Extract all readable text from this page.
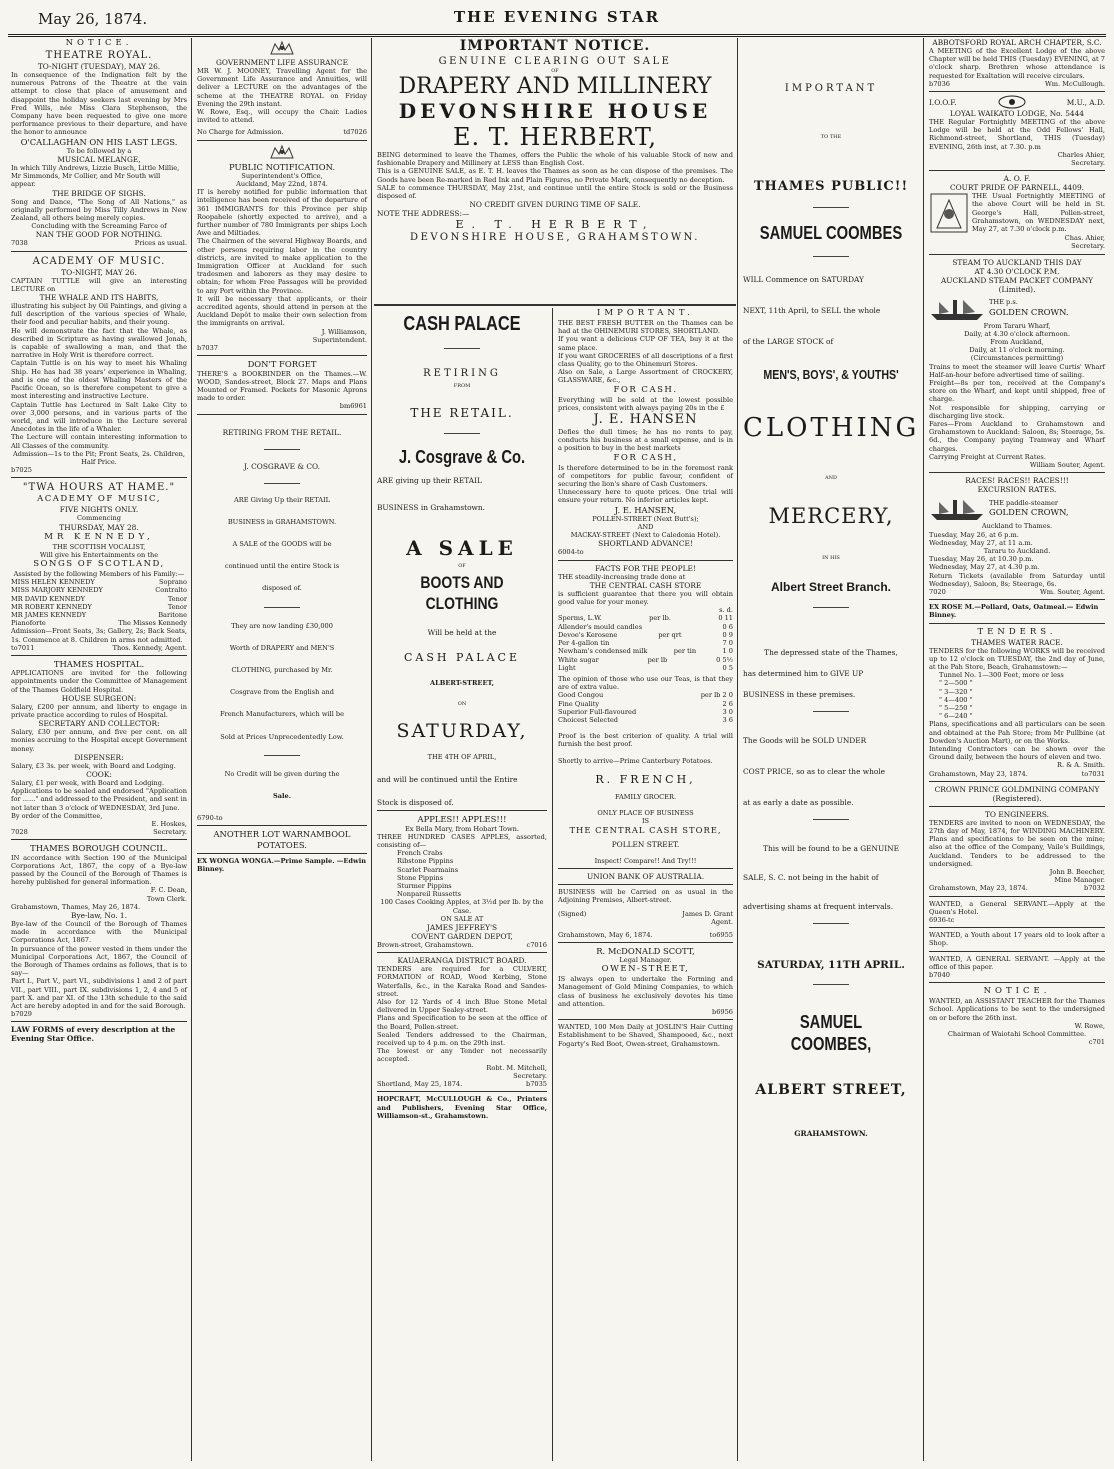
May 26, 1874.	THE EVENING STAR

NOTICE.

THEATRE ROYAL.

TO-NIGHT (TUESDAY), MAY 26.

In consequence of the Indignation felt by the numerous Patrons of the Theatre at the vain attempt to close that place of amusement and disappoint the holiday seekers last evening by Mrs Fred Wills, née Miss Clara Stephenson, the Company have been requested to give one more performance previous to their departure, and have the honor to announce

O'CALLAGHAN ON HIS LAST LEGS.

To be followed by a

MUSICAL MELANGE,

In which Tilly Andrews, Lizzie Busch, Little Millie, Mr Simmonds, Mr Collier, and Mr South will appear.

THE BRIDGE OF SIGHS.

Song and Dance, "The Song of All Nations," as originally performed by Miss Tilly Andrews in New Zealand, all others being merely copies.

Concluding with the Screaming Farce of

NAN THE GOOD FOR NOTHING.

7038	Prices as usual.

ACADEMY OF MUSIC.

TO-NIGHT, MAY 26.

CAPTAIN TUTTLE will give an interesting LECTURE on

THE WHALE AND ITS HABITS,

illustrating his subject by Oil Paintings, and giving a full description of the various species of Whale, their food and peculiar habits, and their young.

He will demonstrate the fact that the Whale, as described in Scripture as having swallowed Jonah, is capable of swallowing a man, and that the narrative in Holy Writ is therefore correct.

Captain Tuttle is on his way to meet his Whaling Ship. He has had 38 years' experience in Whaling, and is one of the oldest Whaling Masters of the Pacific Ocean, so is therefore competent to give a most interesting and instructive Lecture.

Captain Tuttle has Lectured in Salt Lake City to over 3,000 persons, and in various parts of the world, and will introduce in the Lecture several Anecdotes in the life of a Whaler.

The Lecture will contain interesting information to All Classes of the community.

Admission—1s to the Pit; Front Seats, 2s. Children, Half Price.

b7025

"TWA HOURS AT HAME."

ACADEMY OF MUSIC,

FIVE NIGHTS ONLY.

Commencing

THURSDAY, MAY 28.

MR KENNEDY,

THE SCOTTISH VOCALIST,

Will give his Entertainments on the

SONGS OF SCOTLAND,

Assisted by the following Members of his Family:—

MISS HELEN KENNEDY	Soprano
MISS MARJORY KENNEDY	Contralto
MR DAVID KENNEDY	Tenor
MR ROBERT KENNEDY	Tenor
MR JAMES KENNEDY	Baritone
Pianoforte	The Misses Kennedy

Admission—Front Seats, 3s; Gallery, 2s; Back Seats, 1s. Commence at 8. Children in arms not admitted.

to7011	Thos. Kennedy, Agent.

THAMES HOSPITAL.

APPLICATIONS are invited for the following appointments under the Committee of Management of the Thames Goldfield Hospital.

HOUSE SURGEON:

Salary, £200 per annum, and liberty to engage in private practice according to rules of Hospital.

SECRETARY AND COLLECTOR:

Salary, £30 per annum, and five per cent. on all monies accruing to the Hospital except Government money.

DISPENSER:

Salary, £3 3s. per week, with Board and Lodging.

COOK:

Salary, £1 per week, with Board and Lodging.

Applications to be sealed and endorsed "Application for ......" and addressed to the President, and sent in not later than 3 o'clock of WEDNESDAY, 3rd June.

By order of the Committee,

E. Hoskes,

7028	Secretary.

THAMES BOROUGH COUNCIL.

IN accordance with Section 190 of the Municipal Corporations Act, 1867, the copy of a Bye-law passed by the Council of the Borough of Thames is hereby published for general information.

F. C. Dean,

Town Clerk.

Grahamstown, Thames, May 26, 1874.

Bye-law, No. 1.

Bye-law of the Council of the Borough of Thames made in accordance with the Municipal Corporations Act, 1867.

In pursuance of the power vested in them under the Municipal Corporations Act, 1867, the Council of the Borough of Thames ordains as follows, that is to say—

Part I., Part V., part VI., subdivisions 1 and 2 of part VII., part VIII., part IX. subdivisions 1, 2, 4 and 5 of part X. and par XI. of the 13th schedule to the said Act are hereby adopted in and for the said Borough.

b7029

LAW FORMS of every description at the Evening Star Office.

GOVERNMENT LIFE ASSURANCE

MR W. J. MOONEY, Travelling Agent for the Government Life Assurance and Annuities, will deliver a LECTURE on the advantages of the scheme at the THEATRE ROYAL on Friday Evening the 29th instant.

W. Rowe, Esq., will occupy the Chair. Ladies invited to attend.

No Charge for Admission.	td7026

PUBLIC NOTIFICATION.

Superintendent's Office,

Auckland, May 22nd, 1874.

IT is hereby notified for public information that intelligence has been received of the departure of 361 IMMIGRANTS for this Province per ship Roopahele (shortly expected to arrive), and a further number of 780 Immigrants per ships Loch Awe and Miltiades.

The Chairmen of the several Highway Boards, and other persons requiring labor in the country districts, are invited to make application to the Immigration Officer at Auckland for such tradesmen and laborers as they may desire to obtain; for whom Free Passages will be provided to any Port within the Province.

It will be necessary that applicants, or their accredited agents, should attend in person at the Auckland Depôt to make their own selection from the immigrants on arrival.

J. Williamson,

Superintendent.

b7037

DON'T FORGET

THERE'S a BOOKBINDER on the Thames.—W. WOOD, Sandes-street, Block 27. Maps and Plans Mounted or Framed. Pockets for Masonic Aprons made to order.

bm6961

RETIRING FROM THE RETAIL.

J. COSGRAVE & CO.

ARE Giving Up their RETAIL

BUSINESS in GRAHAMSTOWN.

A SALE of the GOODS will be

continued until the entire Stock is

disposed of.

They are now landing £30,000

Worth of DRAPERY and MEN'S

CLOTHING, purchased by Mr.

Cosgrave from the English and

French Manufacturers, which will be

Sold at Prices Unprecedentedly Low.

No Credit will be given during the

Sale.

6790-to

ANOTHER LOT WARNAMBOOL POTATOES.

EX WONGA WONGA.—Prime Sample. —Edwin Binney.

IMPORTANT NOTICE.

GENUINE CLEARING OUT SALE

OF

DRAPERY AND MILLINERY

DEVONSHIRE HOUSE

E. T. HERBERT,

BEING determined to leave the Thames, offers the Public the whole of his valuable Stock of new and fashionable Drapery and Millinery at LESS than English Cost.

This is a GENUINE SALE, as E. T. H. leaves the Thames as soon as he can dispose of the premises. The Goods have been Re-marked in Red Ink and Plain Figures, no Private Mark, consequently no deception.

SALE to commence THURSDAY, May 21st, and continue until the entire Stock is sold or the Business disposed of.

NO CREDIT GIVEN DURING TIME OF SALE.

NOTE THE ADDRESS:—

E. T. HERBERT,

DEVONSHIRE HOUSE, GRAHAMSTOWN.

CASH PALACE

RETIRING

FROM

THE RETAIL.

J. Cosgrave & Co.

ARE giving up their RETAIL

BUSINESS in Grahamstown.

A SALE

OF

BOOTS AND CLOTHING

Will be held at the

CASH PALACE

ALBERT-STREET,

ON

SATURDAY,

THE 4TH OF APRIL,

and will be continued until the Entire

Stock is disposed of.

APPLES!! APPLES!!!

Ex Bella Mary, from Hobart Town.

THREE HUNDRED CASES APPLES, assorted, consisting of—

French Crabs

Ribstone Pippins

Scarlet Pearmains

Stone Pippins

Sturmer Pippins

Nonpareil Russetts

100 Cases Cooking Apples, at 3½d per lb. by the Case.

ON SALE AT

JAMES JEFFREY'S

COVENT GARDEN DEPOT,

Brown-street, Grahamstown.	c7016

KAUAERANGA DISTRICT BOARD.

TENDERS are required for a CULVERT, FORMATION of ROAD, Wood Kerbing, Stone Waterfalls, &c., in the Karaka Road and Sandes-street.

Also for 12 Yards of 4 inch Blue Stone Metal delivered in Upper Sealey-street.

Plans and Specification to be seen at the office of the Board, Pollen-street.

Sealed Tenders addressed to the Chairman, received up to 4 p.m. on the 29th inst.

The lowest or any Tender not necessarily accepted.

Robt. M. Mitchell,

Secretary.

Shortland, May 25, 1874.	b7035

HOPCRAFT, McCULLOUGH & Co., Printers and Publishers, Evening Star Office, Williamson-st., Grahamstown.

IMPORTANT.

THE BEST FRESH BUTTER on the Thames can be had at the OHINEMURI STORES, SHORTLAND.

If you want a delicious CUP OF TEA, buy it at the same place.

If you want GROCERIES of all descriptions of a first class Quality, go to the Ohinemuri Stores.

Also on Sale, a Large Assortment of CROCKERY, GLASSWARE, &c.,

FOR CASH.

Everything will be sold at the lowest possible prices, consistent with always paying 20s in the £

J. E. HANSEN

Defies the dull times; he has no rents to pay, conducts his business at a small expense, and is in a position to buy in the best markets

FOR CASH,

Is therefore determined to be in the foremost rank of competitors for public favour, confident of securing the lion's share of Cash Customers.

Unnecessary here to quote prices. One trial will ensure your return. No inferior articles kept.

J. E. HANSEN,

POLLEN-STREET (Next Butt's);

AND

MACKAY-STREET (Next to Caledonia Hotel).

SHORTLAND ADVANCE!

6004-to

FACTS FOR THE PEOPLE!

THE steadily-increasing trade done at

THE CENTRAL CASH STORE

is sufficient guarantee that there you will obtain good value for your money.

s. d.

Sperms, L.W.	per lb.	0 11
Allender's mould candles	0 6
Devoe's Kerosene	per qrt	0 9
Per 4-gallon tin	7 0
Newham's condensed milk	per tin	1 0
White sugar	per lb	0 5½
Light	0 5

The opinion of those who use our Teas, is that they are of extra value.

Good Congou	per lb 2 0
Fine Quality	2 6
Superior Full-flavoured	3 0
Choicest Selected	3 6

Proof is the best criterion of quality. A trial will furnish the best proof.

Shortly to arrive—Prime Canterbury Potatoes.

R. FRENCH,

FAMILY GROCER.

ONLY PLACE OF BUSINESS

IS

THE CENTRAL CASH STORE,

POLLEN STREET.

Inspect! Compare!! And Try!!!

UNION BANK OF AUSTRALIA.

BUSINESS will be Carried on as usual in the Adjoining Premises, Albert-street.

(Signed)	James D. Grant

Agent.

Grahamstown, May 6, 1874.	to6955

R. McDONALD SCOTT,

Legal Manager.

OWEN-STREET,

IS always open to undertake the Forming and Management of Gold Mining Companies, to which class of business he exclusively devotes his time and attention.

b6956

WANTED, 100 Men Daily at JOSLIN'S Hair Cutting Establishment to be Shaved, Shampooed, &c., next Fogarty's Red Boot, Owen-street, Grahamstown.

IMPORTANT

TO THE

THAMES PUBLIC!!

SAMUEL COOMBES

WILL Commence on SATURDAY

NEXT, 11th April, to SELL the whole

of the LARGE STOCK of

MEN'S, BOYS', & YOUTHS'

CLOTHING

AND

MERCERY,

IN HIS

Albert Street Branch.

The depressed state of the Thames,

has determined him to GIVE UP

BUSINESS in these premises.

The Goods will be SOLD UNDER

COST PRICE, so as to clear the whole

at as early a date as possible.

This will be found to be a GENUINE

SALE, S. C. not being in the habit of

advertising shams at frequent intervals.

SATURDAY, 11TH APRIL.

SAMUEL COOMBES,

ALBERT STREET,

GRAHAMSTOWN.

ABBOTSFORD ROYAL ARCH CHAPTER, S.C.

A MEETING of the Excellent Lodge of the above Chapter will be held THIS (Tuesday) EVENING, at 7 o'clock sharp. Brethren whose attendance is requested for Exaltation will receive circulars.

b7036	Wm. McCullough.
I.O.O.F.	M.U., A.D.

LOYAL WAIKATO LODGE, No. 5444

THE Regular Fortnightly MEETING of the above Lodge will be held at the Odd Fellows' Hall, Richmond-street, Shortland, THIS (Tuesday) EVENING, 26th inst, at 7.30. p.m

Charles Ahier,

Secretary.

A. O. F.

COURT PRIDE OF PARNELL, 4409.

THE Usual Fortnightly MEETING of the above Court will be held in St. George's Hall, Pollen-street, Grahamstown, on WEDNESDAY next, May 27, at 7.30 o'clock p.m.

Chas. Ahier,

Secretary.

STEAM TO AUCKLAND THIS DAY

AT 4.30 O'CLOCK P.M.

AUCKLAND STEAM PACKET COMPANY (Limited).

THE p.s.

GOLDEN CROWN.

From Tararu Wharf,

Daily, at 4.30 o'clock afternoon.

From Auckland,

Daily, at 11 o'clock morning.

(Circumstances permitting)

Trains to meet the steamer will leave Curtis' Wharf Half-an-hour before advertised time of sailing.

Freight—8s per ton, received at the Company's store on the Wharf, and kept until shipped, free of charge.

Not responsible for shipping, carrying or discharging live stock.

Fares—From Auckland to Grahamstown and Grahamstown to Auckland: Saloon, 8s; Steerage, 5s. 6d., the Company paying Tramway and Wharf charges.

Carrying Freight at Current Rates.

William Souter, Agent.

RACES! RACES!! RACES!!!

EXCURSION RATES.

THE paddle-steamer

GOLDEN CROWN,

Auckland to Thames.

Tuesday, May 26, at 6 p.m.

Wednesday, May 27, at 11 a.m.

Tararu to Auckland.

Tuesday, May 26, at 10.30 p.m.

Wednesday, May 27, at 4.30 p.m.

Return Tickets (available from Saturday until Wednesday), Saloon, 8s; Steerage, 6s.

7020	Wm. Souter, Agent.

EX ROSE M.—Pollard, Oats, Oatmeal.— Edwin Binney.

TENDERS.

THAMES WATER RACE.

TENDERS for the following WORKS will be received up to 12 o'clock on TUESDAY, the 2nd day of June, at the Pah Store, Beach, Grahamstown:—

Tunnel No. 1—300 Feet, more or less

" 2—500 "

" 3—320 "

" 4—400 "

" 5—250 "

" 6—240 "

Plans, specifications and all particulars can be seen and obtained at the Pah Store; from Mr Pullbine (at Dowden's Auction Mart), or on the Works.

Intending Contractors can be shown over the Ground daily, between the hours of eleven and two.

R. & A. Smith.

Grahamstown, May 23, 1874.	to7031

CROWN PRINCE GOLDMINING COMPANY (Registered).

TO ENGINEERS.

TENDERS are invited to noon on WEDNESDAY, the 27th day of May, 1874, for WINDING MACHINERY. Plans and specifications to be seen on the mine; also at the office of the Company, Vaile's Buildings, Auckland. Tenders to be addressed to the undersigned.

John B. Beecher,

Mine Manager.

Grahamstown, May 23, 1874.	b7032

WANTED, a General SERVANT.—Apply at the Queen's Hotel.

6936-tc

WANTED, a Youth about 17 years old to look after a Shop.

WANTED, A GENERAL SERVANT. —Apply at the office of this paper.

b7040

NOTICE.

WANTED, an ASSISTANT TEACHER for the Thames School. Applications to be sent to the undersigned on or before the 26th inst.

W. Rowe,

Chairman of Waiotahi School Committee.

c701
